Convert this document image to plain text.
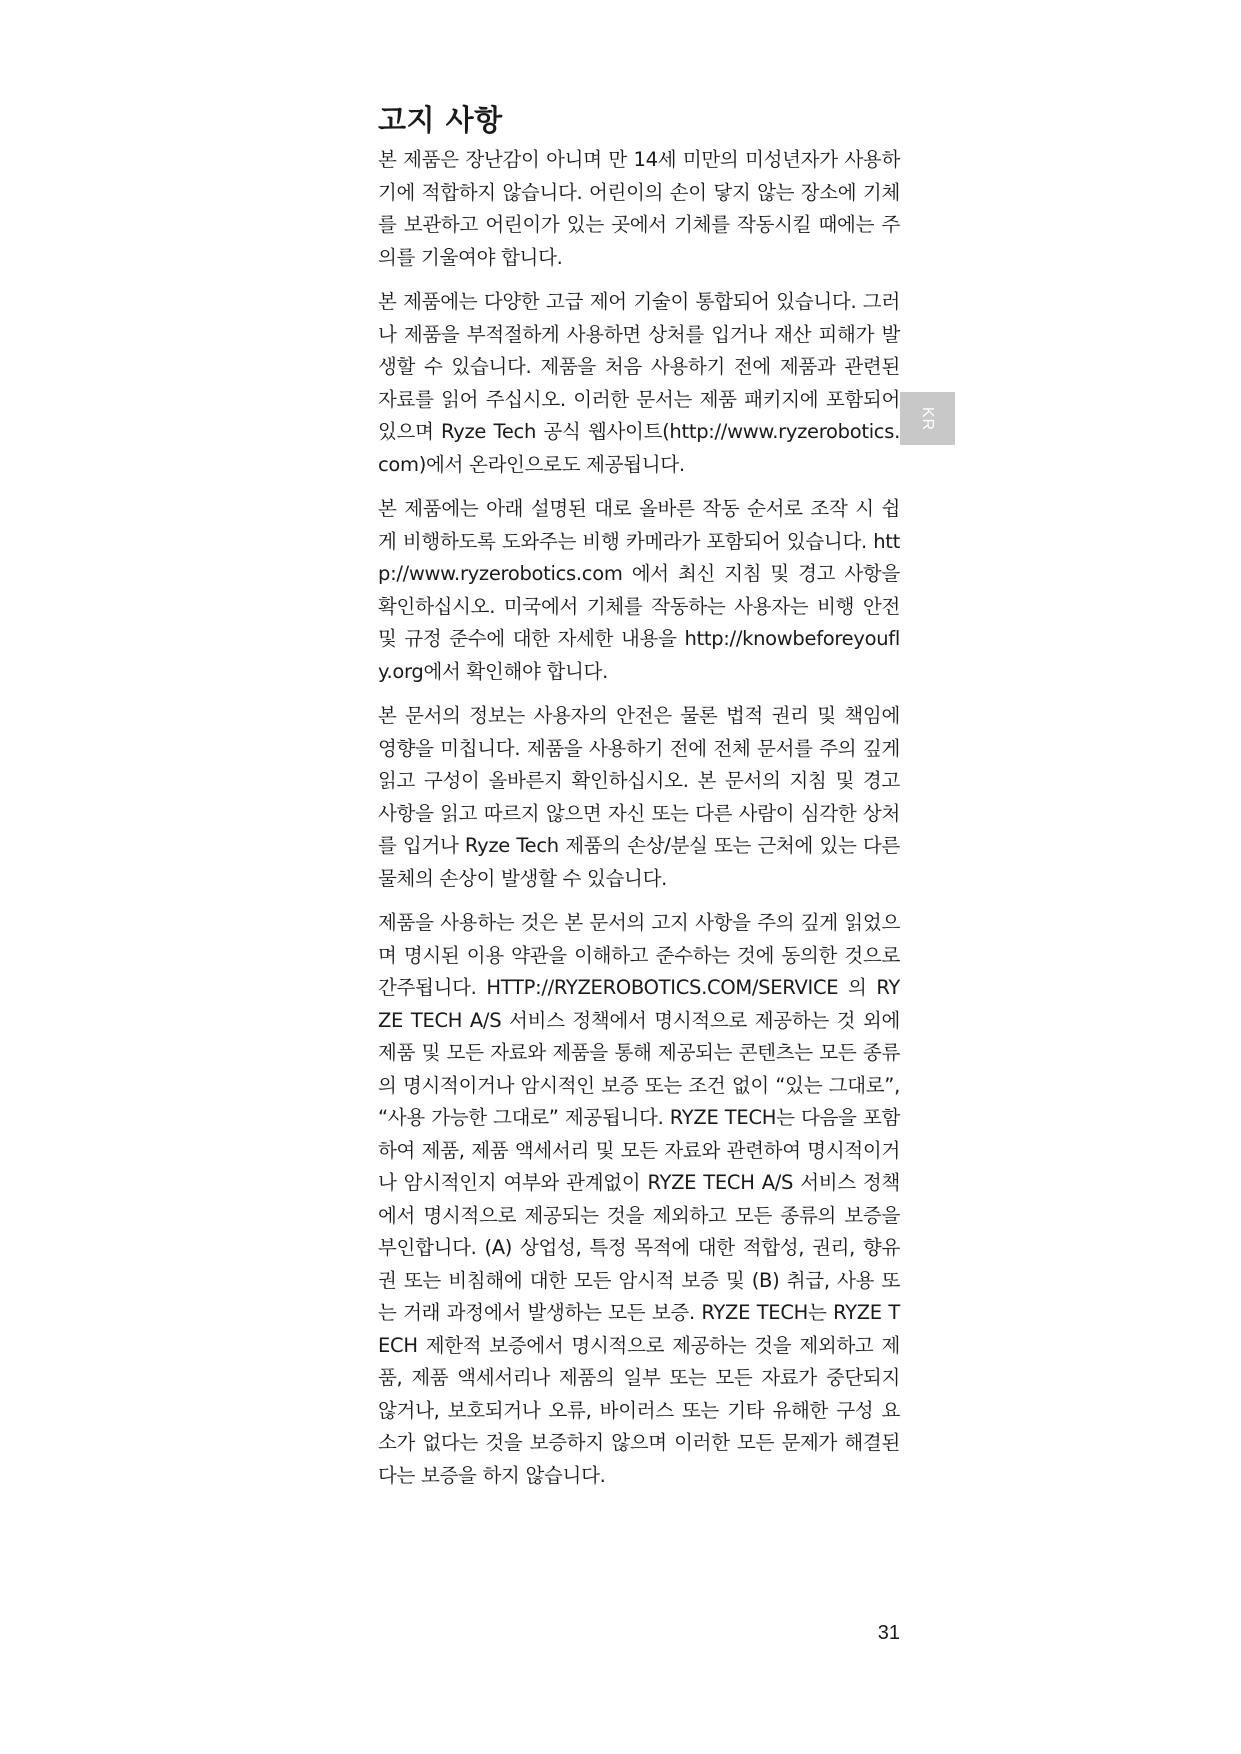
고지 사항

본 제품은 장난감이 아니며 만 14세 미만의 미성년자가 사용하기에 적합하지 않습니다. 어린이의 손이 닿지 않는 장소에 기체를 보관하고 어린이가 있는 곳에서 기체를 작동시킬 때에는 주의를 기울여야 합니다.

본 제품에는 다양한 고급 제어 기술이 통합되어 있습니다. 그러나 제품을 부적절하게 사용하면 상처를 입거나 재산 피해가 발생할 수 있습니다. 제품을 처음 사용하기 전에 제품과 관련된 자료를 읽어 주십시오. 이러한 문서는 제품 패키지에 포함되어 있으며 Ryze Tech 공식 웹사이트(http://www.ryzerobotics.com)에서 온라인으로도 제공됩니다.

본 제품에는 아래 설명된 대로 올바른 작동 순서로 조작 시 쉽게 비행하도록 도와주는 비행 카메라가 포함되어 있습니다. http://www.ryzerobotics.com 에서 최신 지침 및 경고 사항을 확인하십시오. 미국에서 기체를 작동하는 사용자는 비행 안전 및 규정 준수에 대한 자세한 내용을 http://knowbeforeyoufly.org에서 확인해야 합니다.

본 문서의 정보는 사용자의 안전은 물론 법적 권리 및 책임에 영향을 미칩니다. 제품을 사용하기 전에 전체 문서를 주의 깊게 읽고 구성이 올바른지 확인하십시오. 본 문서의 지침 및 경고 사항을 읽고 따르지 않으면 자신 또는 다른 사람이 심각한 상처를 입거나 Ryze Tech 제품의 손상/분실 또는 근처에 있는 다른 물체의 손상이 발생할 수 있습니다.

제품을 사용하는 것은 본 문서의 고지 사항을 주의 깊게 읽었으며 명시된 이용 약관을 이해하고 준수하는 것에 동의한 것으로 간주됩니다. HTTP://RYZEROBOTICS.COM/SERVICE 의 RYZE TECH A/S 서비스 정책에서 명시적으로 제공하는 것 외에 제품 및 모든 자료와 제품을 통해 제공되는 콘텐츠는 모든 종류의 명시적이거나 암시적인 보증 또는 조건 없이 “있는 그대로”, “사용 가능한 그대로” 제공됩니다. RYZE TECH는 다음을 포함하여 제품, 제품 액세서리 및 모든 자료와 관련하여 명시적이거나 암시적인지 여부와 관계없이 RYZE TECH A/S 서비스 정책에서 명시적으로 제공되는 것을 제외하고 모든 종류의 보증을 부인합니다. (A) 상업성, 특정 목적에 대한 적합성, 권리, 향유권 또는 비침해에 대한 모든 암시적 보증 및 (B) 취급, 사용 또는 거래 과정에서 발생하는 모든 보증. RYZE TECH는 RYZE TECH 제한적 보증에서 명시적으로 제공하는 것을 제외하고 제품, 제품 액세서리나 제품의 일부 또는 모든 자료가 중단되지 않거나, 보호되거나 오류, 바이러스 또는 기타 유해한 구성 요소가 없다는 것을 보증하지 않으며 이러한 모든 문제가 해결된다는 보증을 하지 않습니다.

KR
31
